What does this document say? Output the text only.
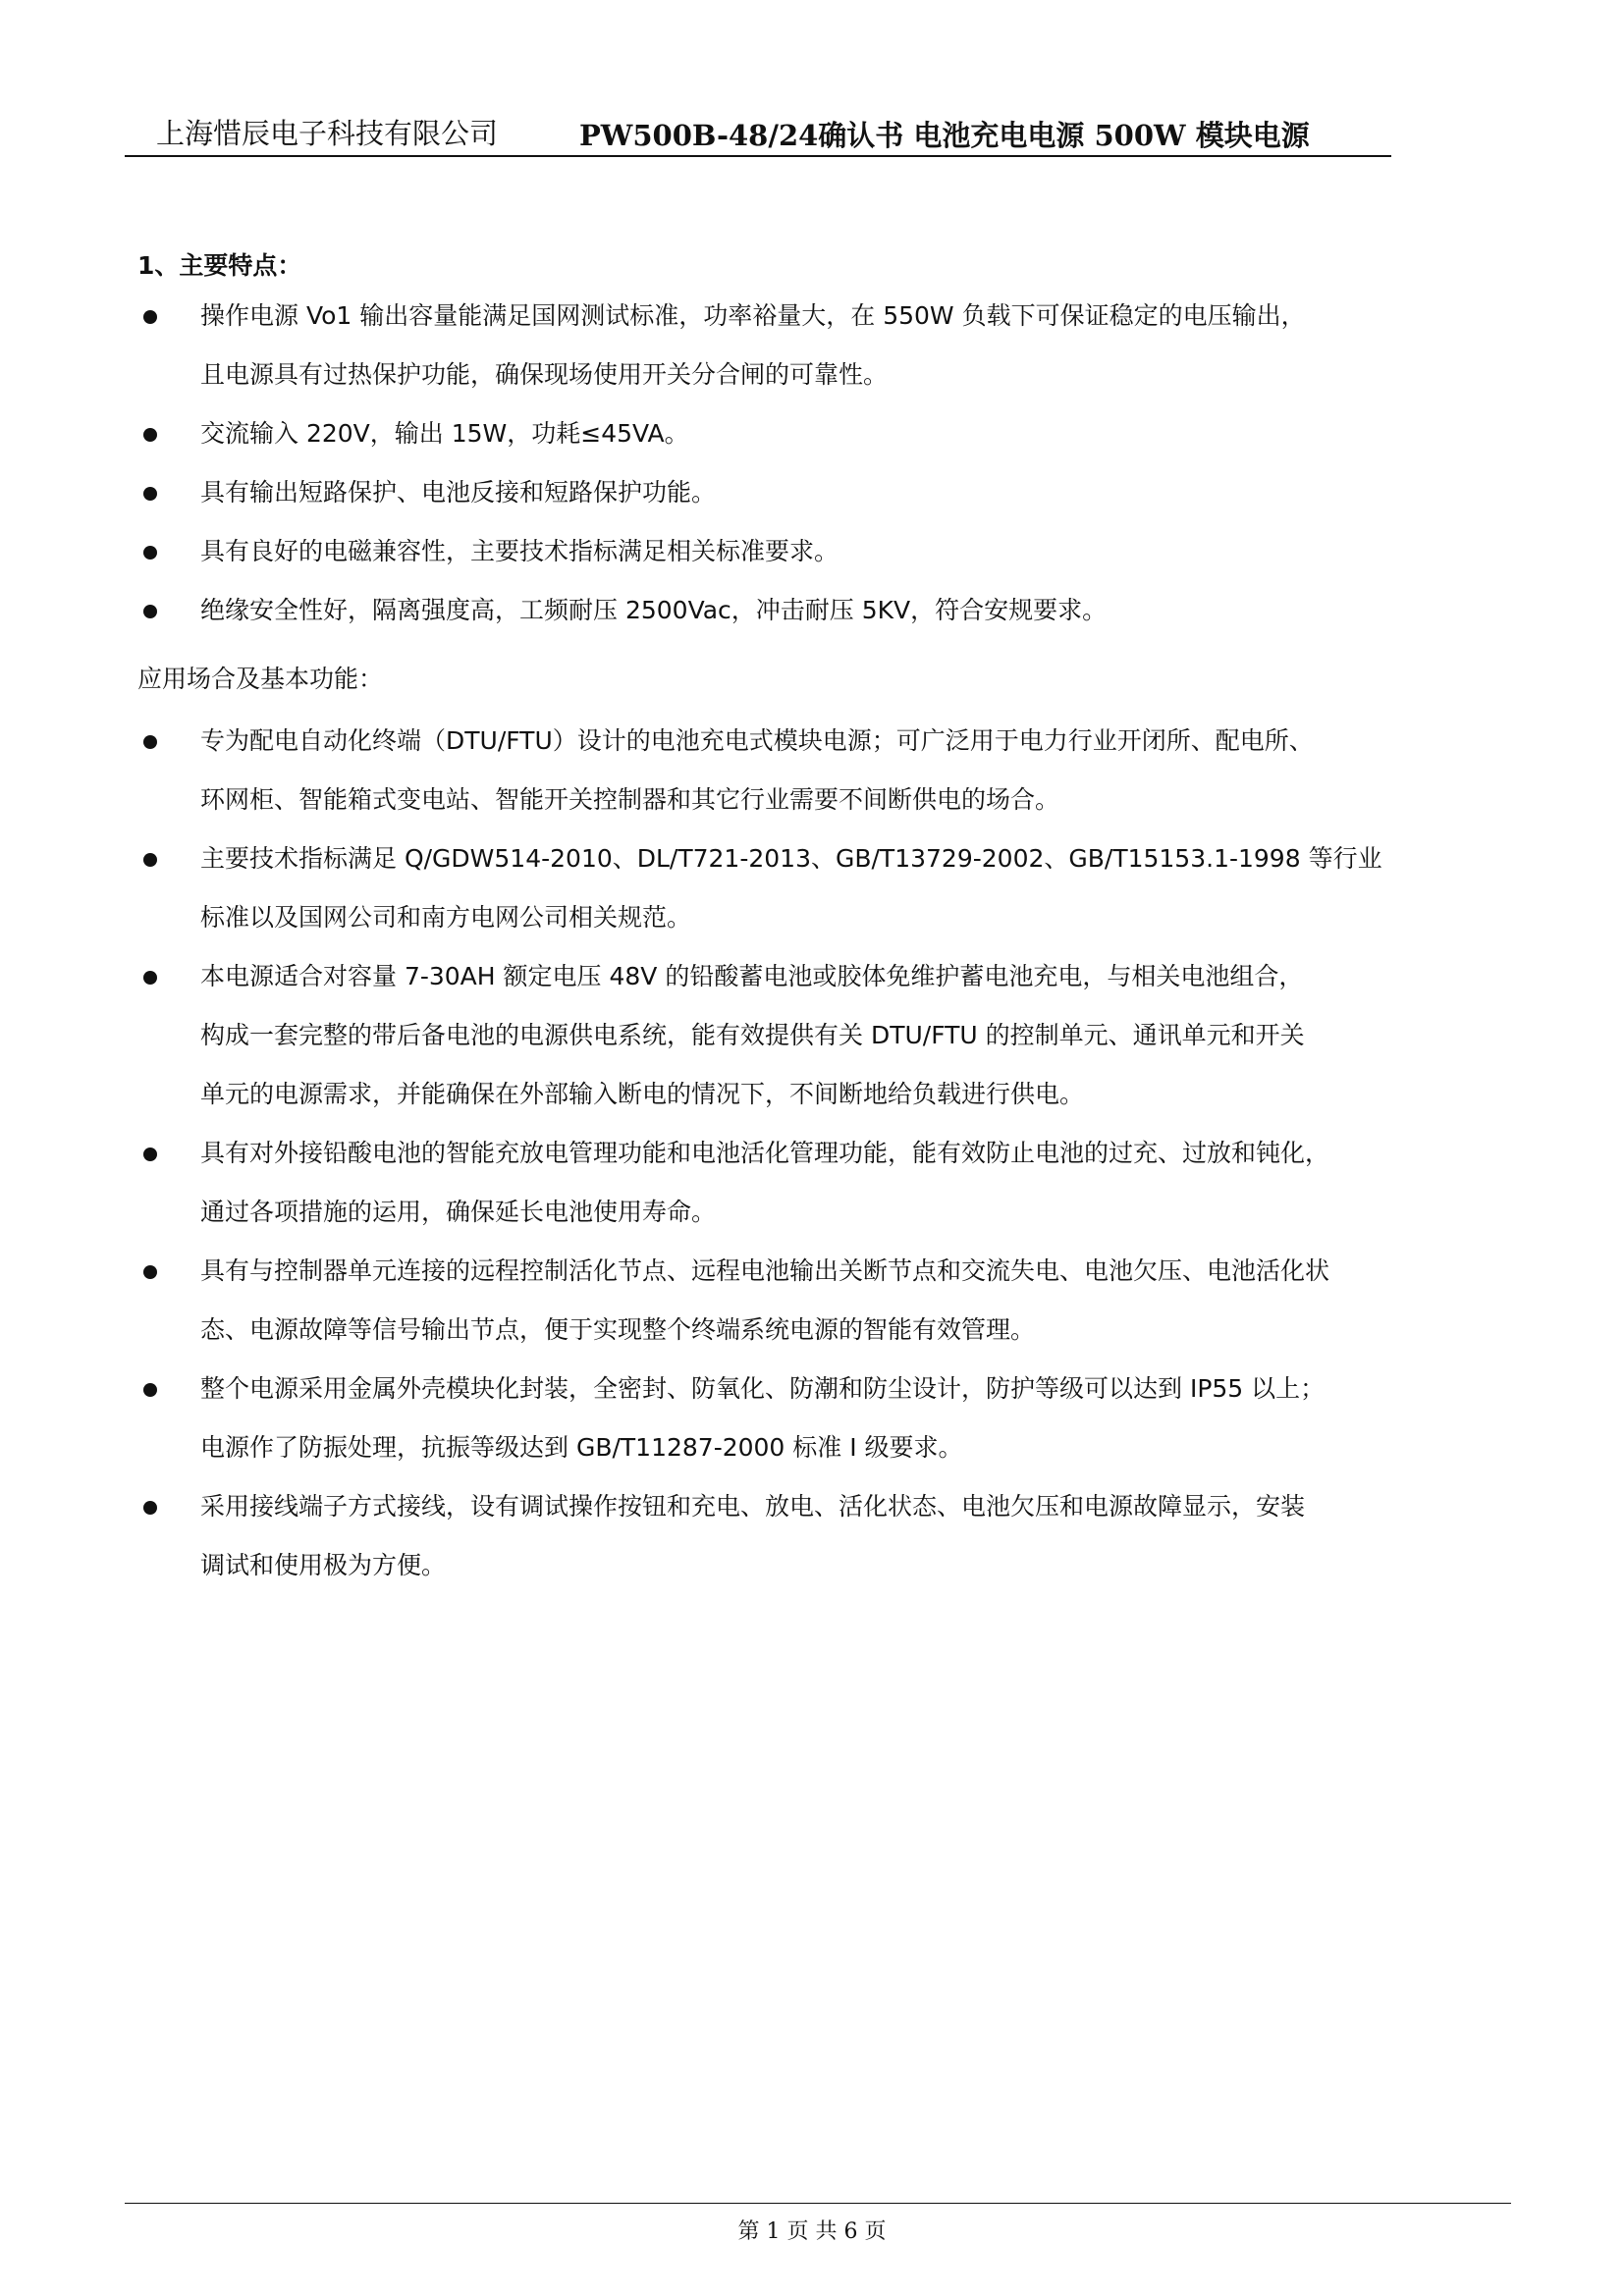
上海惜辰电子科技有限公司	PW500B-48/24确认书 电池充电电源 500W 模块电源
1、主要特点：
操作电源 Vo1 输出容量能满足国网测试标准，功率裕量大，在 550W 负载下可保证稳定的电压输出，
且电源具有过热保护功能，确保现场使用开关分合闸的可靠性。
交流输入 220V，输出 15W，功耗≤45VA。
具有输出短路保护、电池反接和短路保护功能。
具有良好的电磁兼容性，主要技术指标满足相关标准要求。
绝缘安全性好，隔离强度高，工频耐压 2500Vac，冲击耐压 5KV，符合安规要求。
应用场合及基本功能：
专为配电自动化终端（DTU/FTU）设计的电池充电式模块电源；可广泛用于电力行业开闭所、配电所、
环网柜、智能箱式变电站、智能开关控制器和其它行业需要不间断供电的场合。
主要技术指标满足 Q/GDW514-2010、DL/T721-2013、GB/T13729-2002、GB/T15153.1-1998 等行业
标准以及国网公司和南方电网公司相关规范。
本电源适合对容量 7-30AH 额定电压 48V 的铅酸蓄电池或胶体免维护蓄电池充电，与相关电池组合，
构成一套完整的带后备电池的电源供电系统，能有效提供有关 DTU/FTU 的控制单元、通讯单元和开关
单元的电源需求，并能确保在外部输入断电的情况下，不间断地给负载进行供电。
具有对外接铅酸电池的智能充放电管理功能和电池活化管理功能，能有效防止电池的过充、过放和钝化，
通过各项措施的运用，确保延长电池使用寿命。
具有与控制器单元连接的远程控制活化节点、远程电池输出关断节点和交流失电、电池欠压、电池活化状
态、电源故障等信号输出节点，便于实现整个终端系统电源的智能有效管理。
整个电源采用金属外壳模块化封装，全密封、防氧化、防潮和防尘设计，防护等级可以达到 IP55 以上；
电源作了防振处理，抗振等级达到 GB/T11287-2000 标准 I 级要求。
采用接线端子方式接线，设有调试操作按钮和充电、放电、活化状态、电池欠压和电源故障显示，安装
调试和使用极为方便。
第 1 页 共 6 页
